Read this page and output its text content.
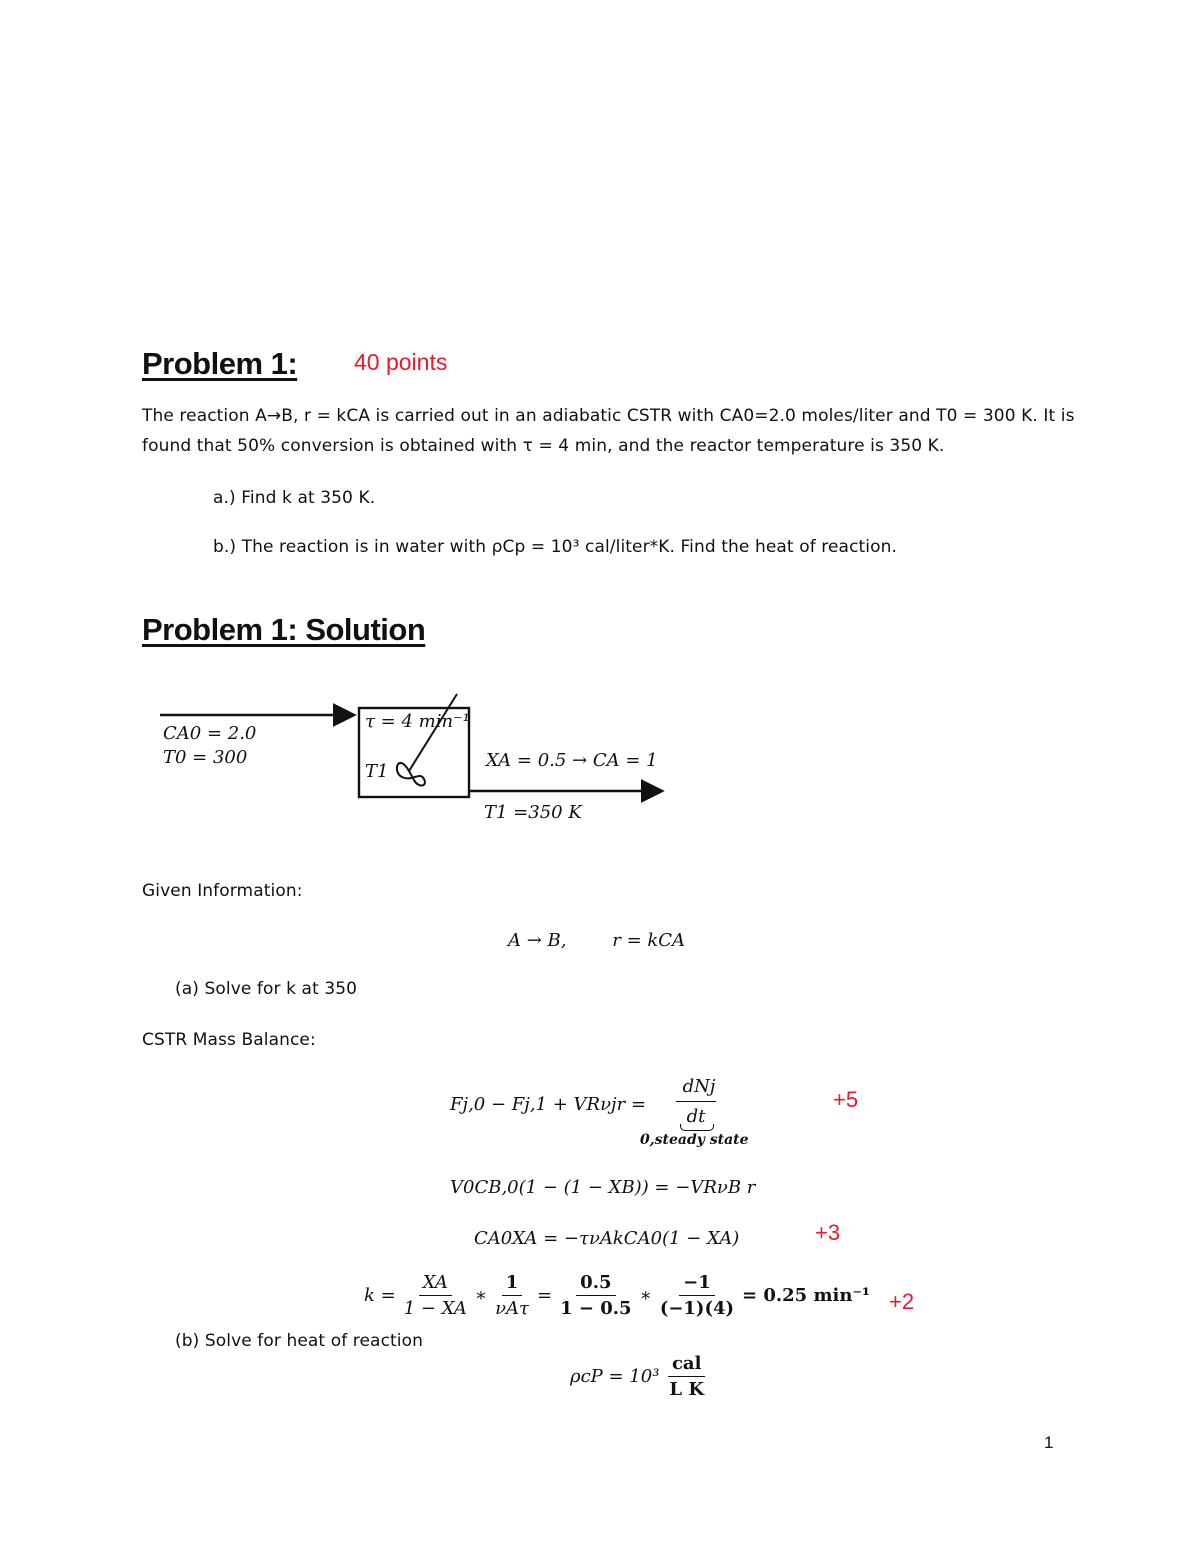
Problem 1: 40 points
The reaction A→B, r = kCA is carried out in an adiabatic CSTR with CA0=2.0 moles/liter and T0 = 300 K. It is
found that 50% conversion is obtained with τ = 4 min, and the reactor temperature is 350 K.
a.) Find k at 350 K.
b.) The reaction is in water with ρCp = 10³ cal/liter*K. Find the heat of reaction.
Problem 1: Solution
CA0 = 2.0
T0 = 300
τ = 4 min⁻¹
T1
XA = 0.5 → CA = 1
T1 =350 K
Given Information:
A → B,        r = kCA
(a) Solve for k at 350
CSTR Mass Balance:
Fj,0 − Fj,1 + VRνjr =
dNj
dt
0,steady state
+5
V0CB,0(1 − (1 − XB)) = −VRνB r
CA0XA = −τνAkCA0(1 − XA)	+3
$k = \frac{XA}{1 - XA}$ ∗ $\frac{1}{\text{νAτ}} = \frac{0.5}{1 - 0.5}$ ∗ $\frac{-1}{(-1)(4)} = 0.25$ min⁻¹ +2
(b) Solve for heat of reaction
$\rho cP = 10^3 \frac{\text{cal}}{\text{L K}}$
1
